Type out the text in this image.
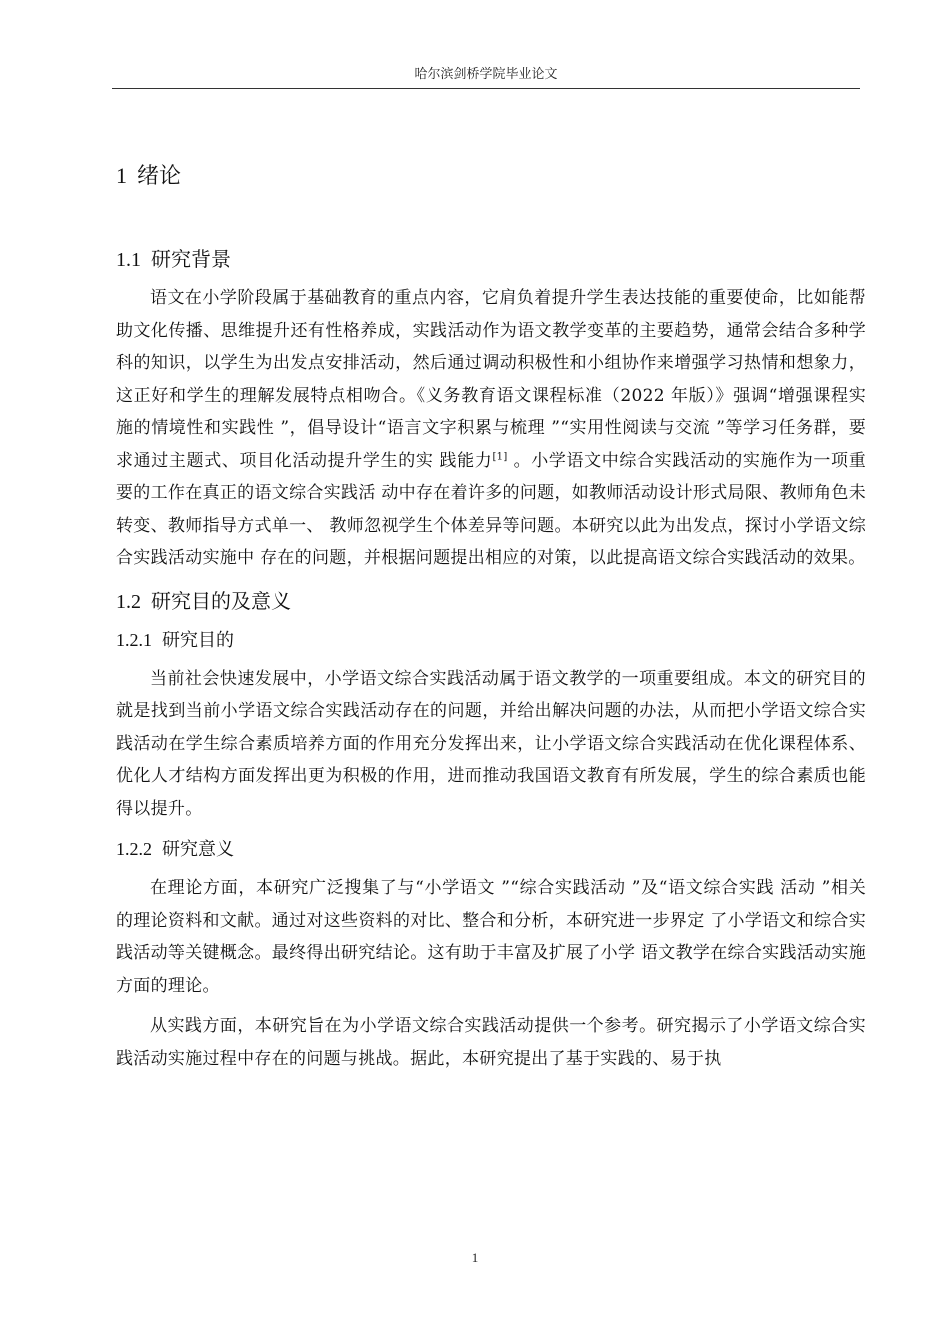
哈尔滨剑桥学院毕业论文
1 绪论
1.1 研究背景

语文在小学阶段属于基础教育的重点内容，它肩负着提升学生表达技能的重要使命，比如能帮助文化传播、思维提升还有性格养成，实践活动作为语文教学变革的主要趋势，通常会结合多种学科的知识，以学生为出发点安排活动，然后通过调动积极性和小组协作来增强学习热情和想象力，这正好和学生的理解发展特点相吻合。《义务教育语文课程标准（2022 年版）》强调“增强课程实施的情境性和实践性 ”，倡导设计“语言文字积累与梳理 ”“实用性阅读与交流 ”等学习任务群，要求通过主题式、项目化活动提升学生的实 践能力[1] 。小学语文中综合实践活动的实施作为一项重要的工作在真正的语文综合实践活 动中存在着许多的问题，如教师活动设计形式局限、教师角色未转变、教师指导方式单一、 教师忽视学生个体差异等问题。本研究以此为出发点，探讨小学语文综合实践活动实施中 存在的问题，并根据问题提出相应的对策，以此提高语文综合实践活动的效果。

1.2 研究目的及意义
1.2.1 研究目的

当前社会快速发展中，小学语文综合实践活动属于语文教学的一项重要组成。本文的研究目的就是找到当前小学语文综合实践活动存在的问题，并给出解决问题的办法，从而把小学语文综合实践活动在学生综合素质培养方面的作用充分发挥出来，让小学语文综合实践活动在优化课程体系、优化人才结构方面发挥出更为积极的作用，进而推动我国语文教育有所发展，学生的综合素质也能得以提升。

1.2.2 研究意义

在理论方面，本研究广泛搜集了与“小学语文 ”“综合实践活动 ”及“语文综合实践 活动 ”相关的理论资料和文献。通过对这些资料的对比、整合和分析，本研究进一步界定 了小学语文和综合实践活动等关键概念。最终得出研究结论。这有助于丰富及扩展了小学 语文教学在综合实践活动实施方面的理论。

从实践方面，本研究旨在为小学语文综合实践活动提供一个参考。研究揭示了小学语文综合实践活动实施过程中存在的问题与挑战。据此，本研究提出了基于实践的、易于执

1
